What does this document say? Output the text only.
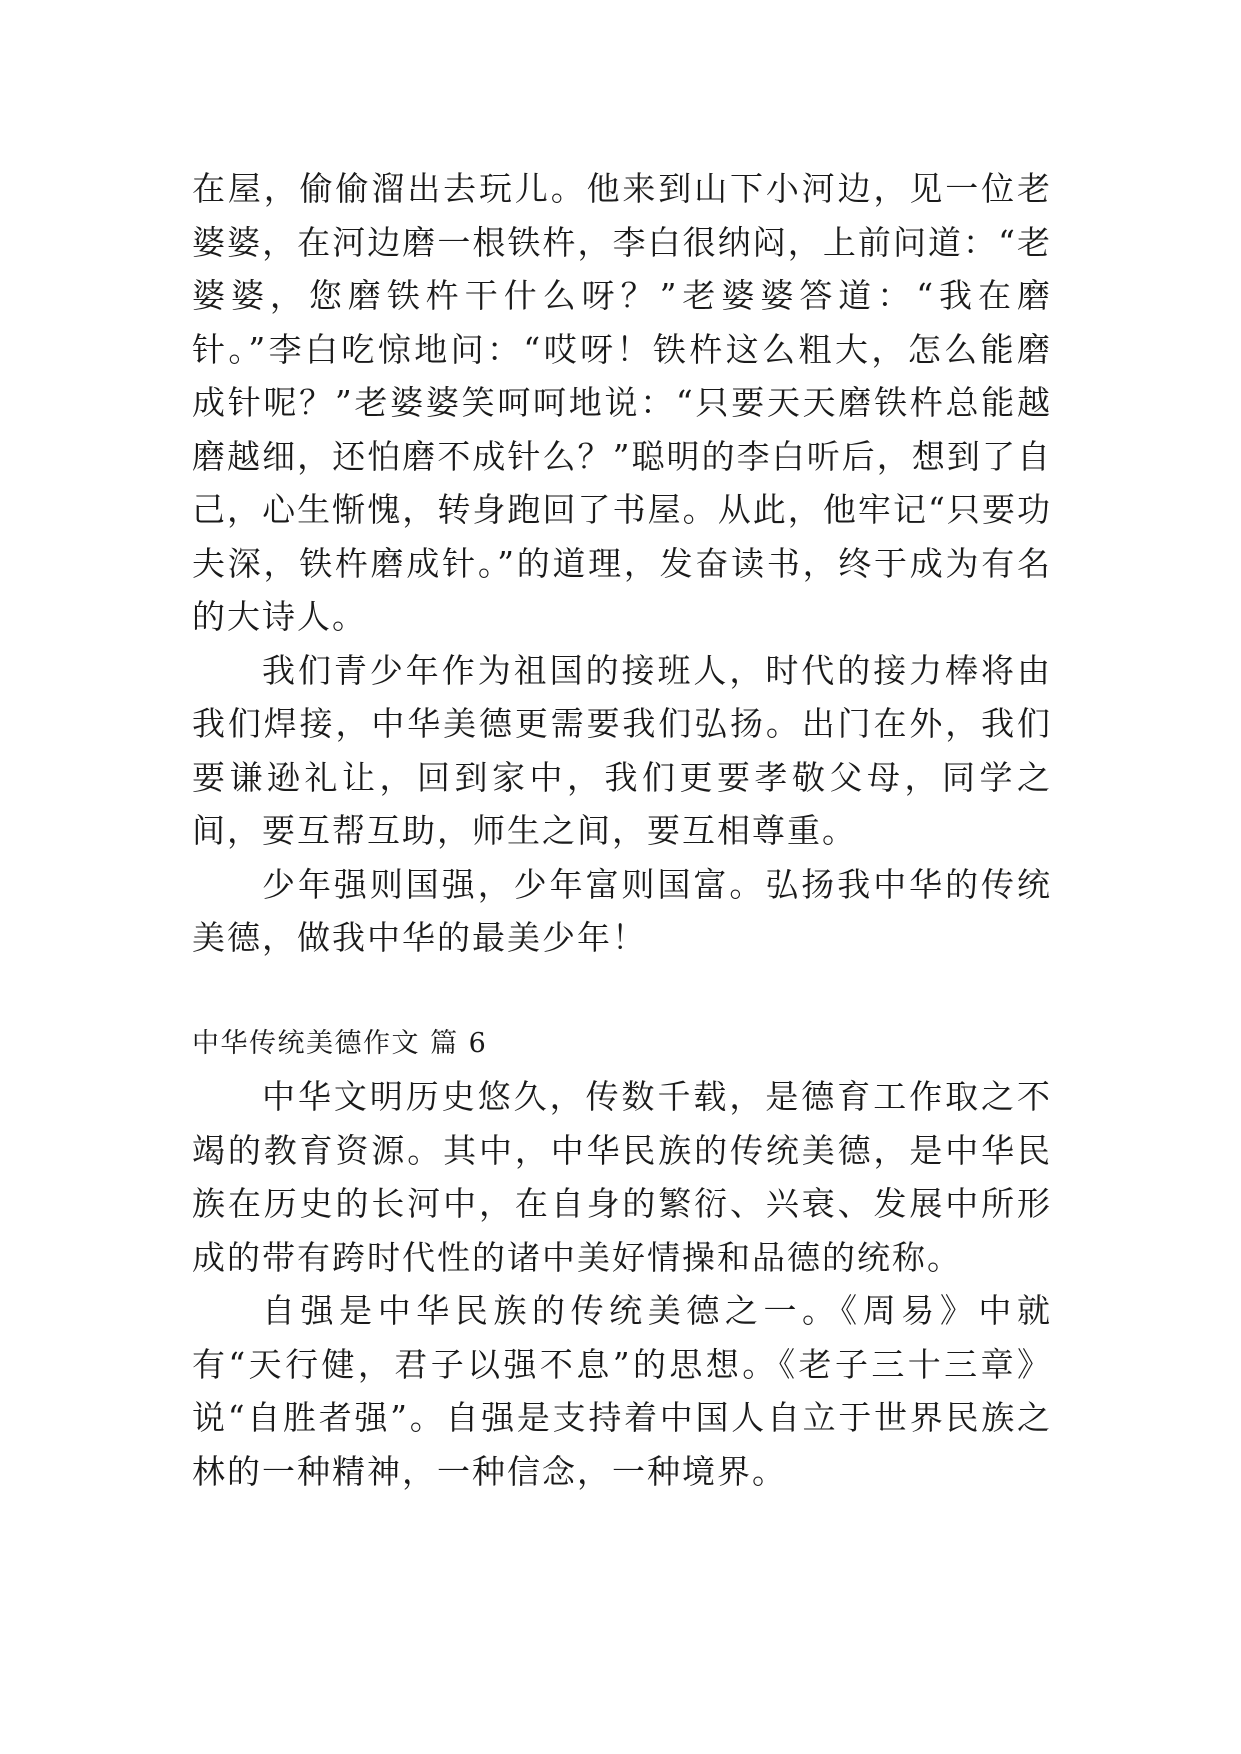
在屋，偷偷溜出去玩儿。他来到山下小河边，见一位老婆婆，在河边磨一根铁杵，李白很纳闷，上前问道：“老婆婆，您磨铁杵干什么呀？”老婆婆答道：“我在磨针。”李白吃惊地问：“哎呀！铁杵这么粗大，怎么能磨成针呢？”老婆婆笑呵呵地说：“只要天天磨铁杵总能越磨越细，还怕磨不成针么？”聪明的李白听后，想到了自己，心生惭愧，转身跑回了书屋。从此，他牢记“只要功夫深，铁杵磨成针。”的道理，发奋读书，终于成为有名的大诗人。

我们青少年作为祖国的接班人，时代的接力棒将由我们焊接，中华美德更需要我们弘扬。出门在外，我们要谦逊礼让，回到家中，我们更要孝敬父母，同学之间，要互帮互助，师生之间，要互相尊重。

少年强则国强，少年富则国富。弘扬我中华的传统美德，做我中华的最美少年！

中华传统美德作文 篇 6

中华文明历史悠久，传数千载，是德育工作取之不竭的教育资源。其中，中华民族的传统美德，是中华民族在历史的长河中，在自身的繁衍、兴衰、发展中所形成的带有跨时代性的诸中美好情操和品德的统称。

自强是中华民族的传统美德之一。《周易》中就有“天行健，君子以强不息”的思想。《老子三十三章》说“自胜者强”。自强是支持着中国人自立于世界民族之林的一种精神，一种信念，一种境界。
